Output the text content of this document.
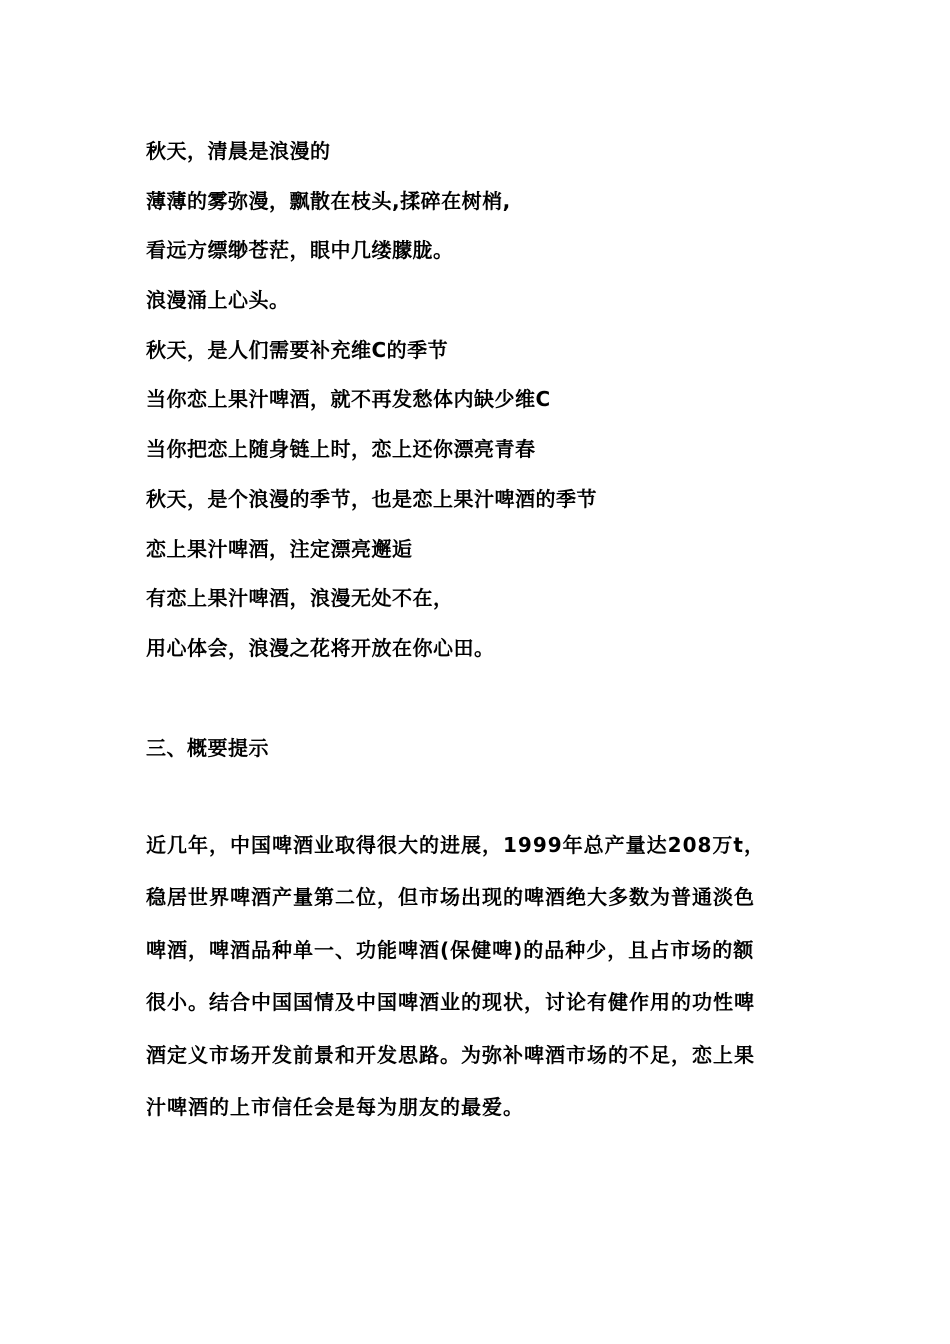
秋天，清晨是浪漫的

薄薄的雾弥漫，飘散在枝头,揉碎在树梢,

看远方缥缈苍茫，眼中几缕朦胧。

浪漫涌上心头。

秋天，是人们需要补充维C的季节

当你恋上果汁啤酒，就不再发愁体内缺少维C

当你把恋上随身链上时，恋上还你漂亮青春

秋天，是个浪漫的季节，也是恋上果汁啤酒的季节

恋上果汁啤酒，注定漂亮邂逅

有恋上果汁啤酒，浪漫无处不在，

用心体会，浪漫之花将开放在你心田。

三、概要提示

近几年，中国啤酒业取得很大的进展，1999年总产量达208万t，

稳居世界啤酒产量第二位，但市场出现的啤酒绝大多数为普通淡色

啤酒，啤酒品种单一、功能啤酒(保健啤)的品种少，且占市场的额

很小。结合中国国情及中国啤酒业的现状，讨论有健作用的功性啤

酒定义市场开发前景和开发思路。为弥补啤酒市场的不足，恋上果

汁啤酒的上市信任会是每为朋友的最爱。
